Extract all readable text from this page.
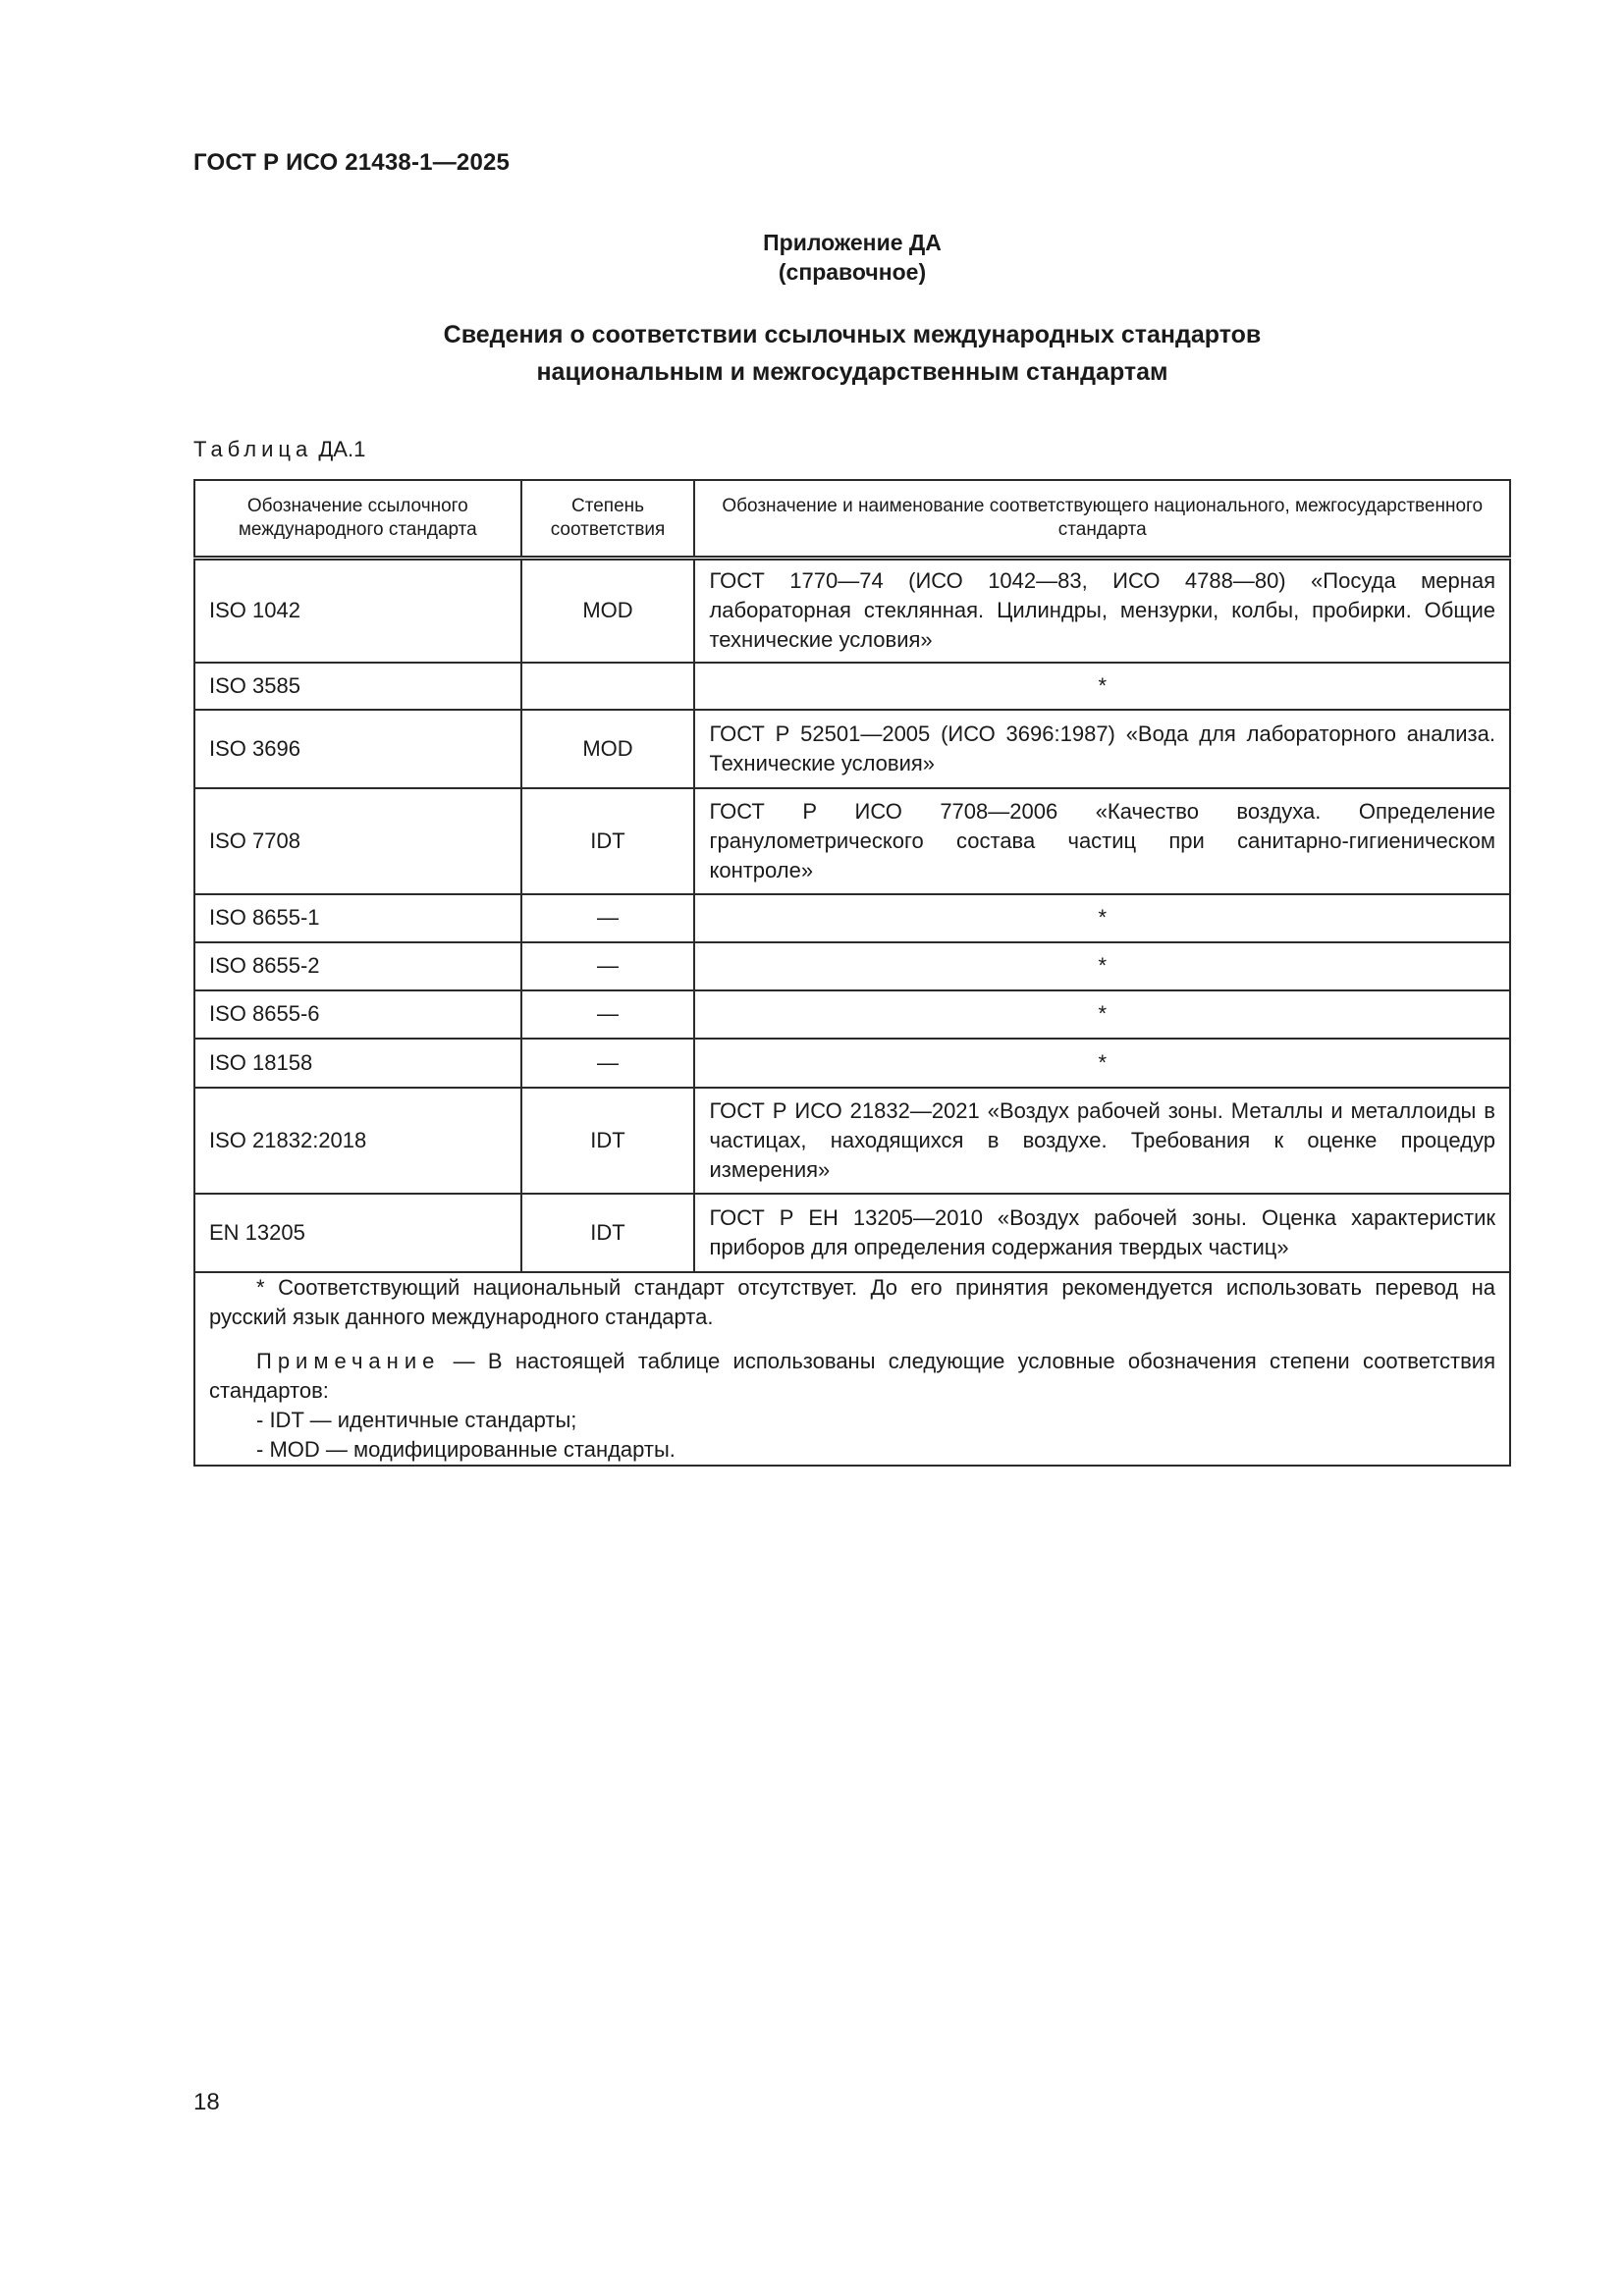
ГОСТ Р ИСО 21438-1—2025
Приложение ДА
(справочное)
Сведения о соответствии ссылочных международных стандартов
национальным и межгосударственным стандартам
Таблица ДА.1
Обозначение ссылочного международного стандарта	Степень соответствия	Обозначение и наименование соответствующего национального, межгосударственного стандарта
ISO 1042	MOD	ГОСТ 1770—74 (ИСО 1042—83, ИСО 4788—80) «Посуда мерная лабораторная стеклянная. Цилиндры, мензурки, колбы, пробирки. Общие технические условия»
ISO 3585		*
ISO 3696	MOD	ГОСТ Р 52501—2005 (ИСО 3696:1987) «Вода для лабораторного анализа. Технические условия»
ISO 7708	IDT	ГОСТ Р ИСО 7708—2006 «Качество воздуха. Определение гранулометрического состава частиц при санитарно-гигиеническом контроле»
ISO 8655-1	—	*
ISO 8655-2	—	*
ISO 8655-6	—	*
ISO 18158	—	*
ISO 21832:2018	IDT	ГОСТ Р ИСО 21832—2021 «Воздух рабочей зоны. Металлы и металлоиды в частицах, находящихся в воздухе. Требования к оценке процедур измерения»
EN 13205	IDT	ГОСТ Р ЕН 13205—2010 «Воздух рабочей зоны. Оценка характеристик приборов для определения содержания твердых частиц»

* Соответствующий национальный стандарт отсутствует. До его принятия рекомендуется использовать перевод на русский язык данного международного стандарта.

Примечание — В настоящей таблице использованы следующие условные обозначения степени соответствия стандартов:

- IDT — идентичные стандарты;

- MOD — модифицированные стандарты.		

18
